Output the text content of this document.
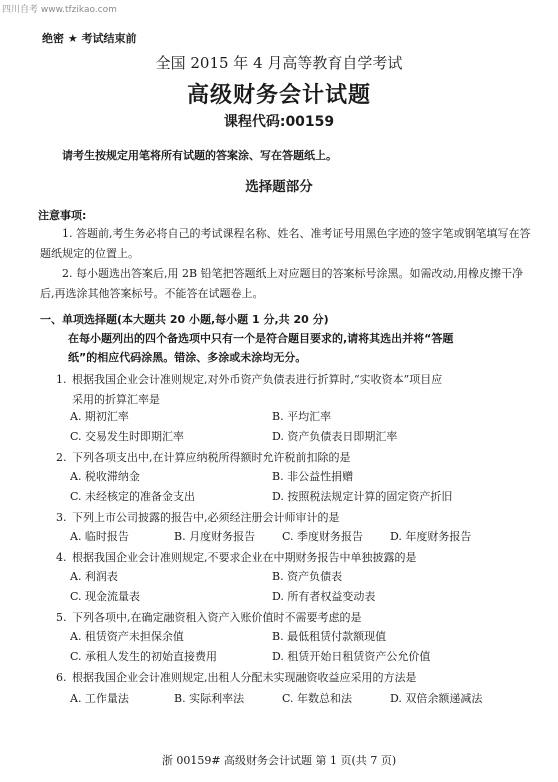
四川自考 www.tfzikao.com
绝密 ★ 考试结束前
全国 2015 年 4 月高等教育自学考试
高级财务会计试题
课程代码:00159
请考生按规定用笔将所有试题的答案涂、写在答题纸上。
选择题部分
注意事项:
1. 答题前,考生务必将自己的考试课程名称、姓名、准考证号用黑色字迹的签字笔或钢笔填写在答题纸规定的位置上。
2. 每小题选出答案后,用 2B 铅笔把答题纸上对应题目的答案标号涂黑。如需改动,用橡皮擦干净后,再选涂其他答案标号。不能答在试题卷上。
一、单项选择题(本大题共 20 小题,每小题 1 分,共 20 分)
在每小题列出的四个备选项中只有一个是符合题目要求的,请将其选出并将“答题
纸”的相应代码涂黑。错涂、多涂或未涂均无分。
1. 根据我国企业会计准则规定,对外币资产负债表进行折算时,“实收资本”项目应
采用的折算汇率是
A. 期初汇率	B. 平均汇率
C. 交易发生时即期汇率	D. 资产负债表日即期汇率
2. 下列各项支出中,在计算应纳税所得额时允许税前扣除的是
A. 税收滞纳金	B. 非公益性捐赠
C. 未经核定的准备金支出	D. 按照税法规定计算的固定资产折旧
3. 下列上市公司披露的报告中,必须经注册会计师审计的是
A. 临时报告	B. 月度财务报告 C. 季度财务报告 D. 年度财务报告
4. 根据我国企业会计准则规定,不要求企业在中期财务报告中单独披露的是
A. 利润表	B. 资产负债表
C. 现金流量表	D. 所有者权益变动表
5. 下列各项中,在确定融资租入资产入账价值时不需要考虑的是
A. 租赁资产未担保余值	B. 最低租赁付款额现值
C. 承租人发生的初始直接费用	D. 租赁开始日租赁资产公允价值
6. 根据我国企业会计准则规定,出租人分配未实现融资收益应采用的方法是
A. 工作量法	B. 实际利率法	C. 年数总和法	D. 双倍余额递减法
浙 00159# 高级财务会计试题 第 1 页(共 7 页)
